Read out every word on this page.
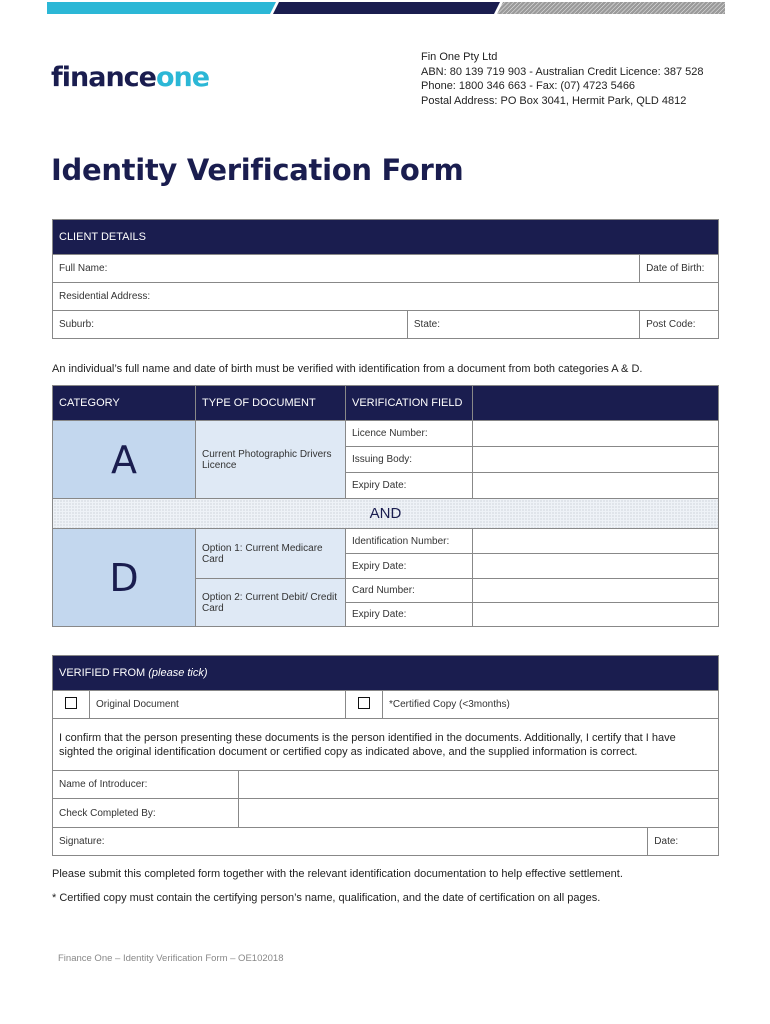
financeone
Fin One Pty Ltd
ABN: 80 139 719 903 - Australian Credit Licence: 387 528
Phone: 1800 346 663 - Fax: (07) 4723 5466
Postal Address: PO Box 3041, Hermit Park, QLD 4812
Identity Verification Form
CLIENT DETAILS		
Full Name:		Date of Birth:
Residential Address:		
Suburb:	State:	Post Code:
An individual’s full name and date of birth must be verified with identification from a document from both categories A & D.
CATEGORY	TYPE OF DOCUMENT	VERIFICATION FIELD	
A	Current Photographic Drivers Licence	Licence Number:	
		Issuing Body:	
		Expiry Date:	
AND			
D	Option 1: Current Medicare Card	Identification Number:	
		Expiry Date:	
	Option 2: Current Debit/ Credit Card	Card Number:	
		Expiry Date:	
VERIFIED FROM (please tick)
	Original Document		*Certified Copy (<3months)
I confirm that the person presenting these documents is the person identified in the documents. Additionally, I certify that I have sighted the original identification document or certified copy as indicated above, and the supplied information is correct.		
Name of Introducer:		
Check Completed By:		
Signature:		Date:
Please submit this completed form together with the relevant identification documentation to help effective settlement.
* Certified copy must contain the certifying person’s name, qualification, and the date of certification on all pages.
Finance One – Identity Verification Form – OE102018
